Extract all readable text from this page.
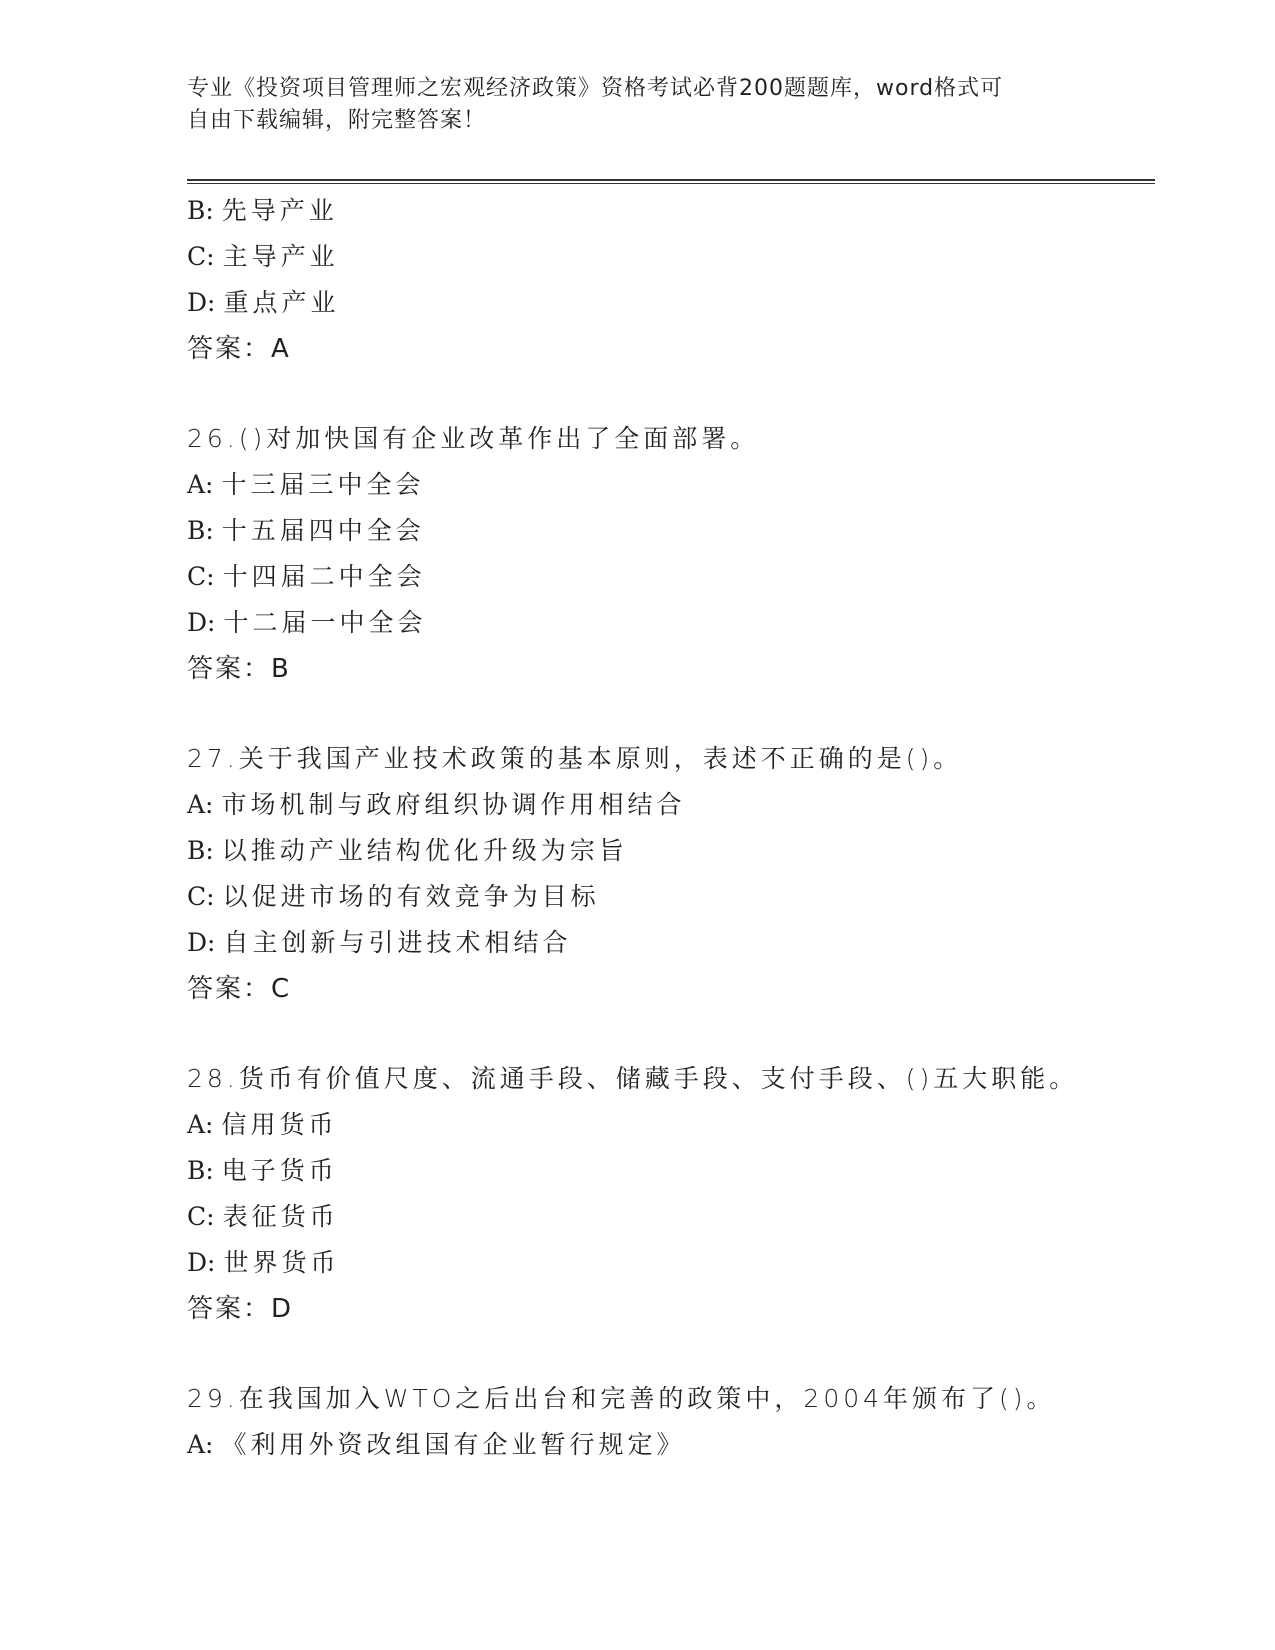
专业《投资项目管理师之宏观经济政策》资格考试必背200题题库，word格式可
自由下载编辑，附完整答案！
B: 先导产业
C: 主导产业
D: 重点产业
答案：A
26.()对加快国有企业改革作出了全面部署。
A: 十三届三中全会
B: 十五届四中全会
C: 十四届二中全会
D: 十二届一中全会
答案：B
27.关于我国产业技术政策的基本原则，表述不正确的是()。
A: 市场机制与政府组织协调作用相结合
B: 以推动产业结构优化升级为宗旨
C: 以促进市场的有效竞争为目标
D: 自主创新与引进技术相结合
答案：C
28.货币有价值尺度、流通手段、储藏手段、支付手段、()五大职能。
A: 信用货币
B: 电子货币
C: 表征货币
D: 世界货币
答案：D
29.在我国加入WTO之后出台和完善的政策中，2004年颁布了()。
A: 《利用外资改组国有企业暂行规定》
